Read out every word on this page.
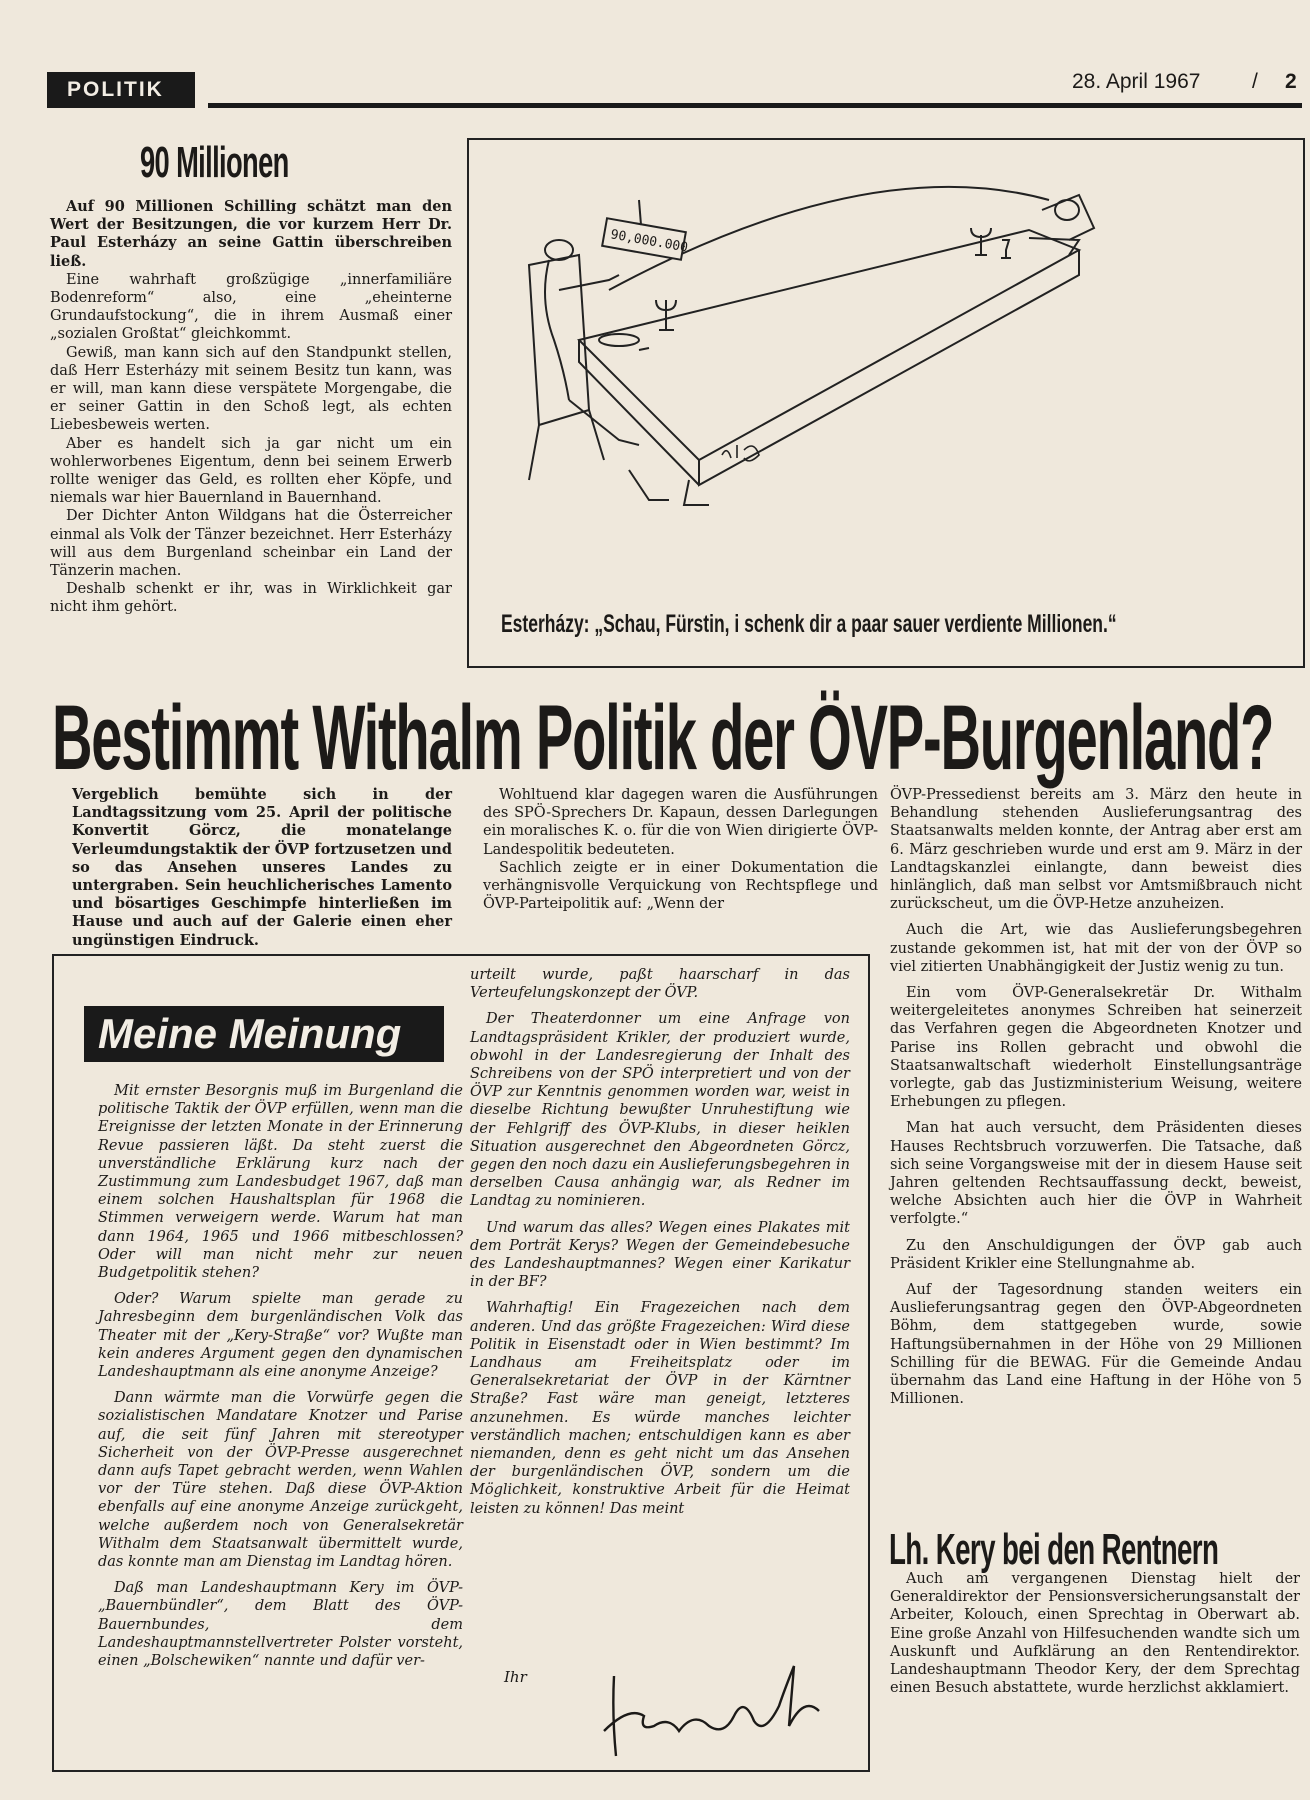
POLITIK	28. April 1967 / 2
90 Millionen

Auf 90 Millionen Schilling schätzt man den Wert der Besitzungen, die vor kurzem Herr Dr. Paul Esterházy an seine Gattin überschreiben ließ.

Eine wahrhaft großzügige „innerfamiliäre Bodenreform“ also, eine „eheinterne Grundaufstockung“, die in ihrem Ausmaß einer „sozialen Großtat“ gleichkommt.

Gewiß, man kann sich auf den Standpunkt stellen, daß Herr Esterházy mit seinem Besitz tun kann, was er will, man kann diese verspätete Morgengabe, die er seiner Gattin in den Schoß legt, als echten Liebesbeweis werten.

Aber es handelt sich ja gar nicht um ein wohlerworbenes Eigentum, denn bei seinem Erwerb rollte weniger das Geld, es rollten eher Köpfe, und niemals war hier Bauernland in Bauernhand.

Der Dichter Anton Wildgans hat die Österreicher einmal als Volk der Tänzer bezeichnet. Herr Esterházy will aus dem Burgenland scheinbar ein Land der Tänzerin machen.

Deshalb schenkt er ihr, was in Wirklichkeit gar nicht ihm gehört.

90,000.000
Esterházy: „Schau, Fürstin, i schenk dir a paar sauer verdiente Millionen.“
Bestimmt Withalm Politik der ÖVP-Burgenland?

Vergeblich bemühte sich in der Landtagssitzung vom 25. April der politische Konvertit Görcz, die monatelange Verleumdungstaktik der ÖVP fortzusetzen und so das Ansehen unseres Landes zu untergraben. Sein heuchlicherisches Lamento und bösartiges Geschimpfe hinterließen im Hause und auch auf der Galerie einen eher ungünstigen Eindruck.

Wohltuend klar dagegen waren die Ausführungen des SPÖ-Sprechers Dr. Kapaun, dessen Darlegungen ein moralisches K. o. für die von Wien dirigierte ÖVP-Landespolitik bedeuteten.

Sachlich zeigte er in einer Dokumentation die verhängnisvolle Verquickung von Rechtspflege und ÖVP-Parteipolitik auf: „Wenn der

ÖVP-Pressedienst bereits am 3. März den heute in Behandlung stehenden Auslieferungsantrag des Staatsanwalts melden konnte, der Antrag aber erst am 6. März geschrieben wurde und erst am 9. März in der Landtagskanzlei einlangte, dann beweist dies hinlänglich, daß man selbst vor Amtsmißbrauch nicht zurückscheut, um die ÖVP-Hetze anzuheizen.

Auch die Art, wie das Auslieferungsbegehren zustande gekommen ist, hat mit der von der ÖVP so viel zitierten Unabhängigkeit der Justiz wenig zu tun.

Ein vom ÖVP-Generalsekretär Dr. Withalm weitergeleitetes anonymes Schreiben hat seinerzeit das Verfahren gegen die Abgeordneten Knotzer und Parise ins Rollen gebracht und obwohl die Staatsanwaltschaft wiederholt Einstellungsanträge vorlegte, gab das Justizministerium Weisung, weitere Erhebungen zu pflegen.

Man hat auch versucht, dem Präsidenten dieses Hauses Rechtsbruch vorzuwerfen. Die Tatsache, daß sich seine Vorgangsweise mit der in diesem Hause seit Jahren geltenden Rechtsauffassung deckt, beweist, welche Absichten auch hier die ÖVP in Wahrheit verfolgte.“

Zu den Anschuldigungen der ÖVP gab auch Präsident Krikler eine Stellungnahme ab.

Auf der Tagesordnung standen weiters ein Auslieferungsantrag gegen den ÖVP-Abgeordneten Böhm, dem stattgegeben wurde, sowie Haftungsübernahmen in der Höhe von 29 Millionen Schilling für die BEWAG. Für die Gemeinde Andau übernahm das Land eine Haftung in der Höhe von 5 Millionen.

Meine Meinung

Mit ernster Besorgnis muß im Burgenland die politische Taktik der ÖVP erfüllen, wenn man die Ereignisse der letzten Monate in der Erinnerung Revue passieren läßt. Da steht zuerst die unverständliche Erklärung kurz nach der Zustimmung zum Landesbudget 1967, daß man einem solchen Haushaltsplan für 1968 die Stimmen verweigern werde. Warum hat man dann 1964, 1965 und 1966 mitbeschlossen? Oder will man nicht mehr zur neuen Budgetpolitik stehen?

Oder? Warum spielte man gerade zu Jahresbeginn dem burgenländischen Volk das Theater mit der „Kery-Straße“ vor? Wußte man kein anderes Argument gegen den dynamischen Landeshauptmann als eine anonyme Anzeige?

Dann wärmte man die Vorwürfe gegen die sozialistischen Mandatare Knotzer und Parise auf, die seit fünf Jahren mit stereotyper Sicherheit von der ÖVP-Presse ausgerechnet dann aufs Tapet gebracht werden, wenn Wahlen vor der Türe stehen. Daß diese ÖVP-Aktion ebenfalls auf eine anonyme Anzeige zurückgeht, welche außerdem noch von Generalsekretär Withalm dem Staatsanwalt übermittelt wurde, das konnte man am Dienstag im Landtag hören.

Daß man Landeshauptmann Kery im ÖVP-„Bauernbündler“, dem Blatt des ÖVP-Bauernbundes, dem Landeshauptmannstellvertreter Polster vorsteht, einen „Bolschewiken“ nannte und dafür ver-

urteilt wurde, paßt haarscharf in das Verteufelungskonzept der ÖVP.

Der Theaterdonner um eine Anfrage von Landtagspräsident Krikler, der produziert wurde, obwohl in der Landesregierung der Inhalt des Schreibens von der SPÖ interpretiert und von der ÖVP zur Kenntnis genommen worden war, weist in dieselbe Richtung bewußter Unruhestiftung wie der Fehlgriff des ÖVP-Klubs, in dieser heiklen Situation ausgerechnet den Abgeordneten Görcz, gegen den noch dazu ein Auslieferungsbegehren in derselben Causa anhängig war, als Redner im Landtag zu nominieren.

Und warum das alles? Wegen eines Plakates mit dem Porträt Kerys? Wegen der Gemeindebesuche des Landeshauptmannes? Wegen einer Karikatur in der BF?

Wahrhaftig! Ein Fragezeichen nach dem anderen. Und das größte Fragezeichen: Wird diese Politik in Eisenstadt oder in Wien bestimmt? Im Landhaus am Freiheitsplatz oder im Generalsekretariat der ÖVP in der Kärntner Straße? Fast wäre man geneigt, letzteres anzunehmen. Es würde manches leichter verständlich machen; entschuldigen kann es aber niemanden, denn es geht nicht um das Ansehen der burgenländischen ÖVP, sondern um die Möglichkeit, konstruktive Arbeit für die Heimat leisten zu können! Das meint

Ihr
Lh. Kery bei den Rentnern

Auch am vergangenen Dienstag hielt der Generaldirektor der Pensionsversicherungsanstalt der Arbeiter, Kolouch, einen Sprechtag in Oberwart ab. Eine große Anzahl von Hilfesuchenden wandte sich um Auskunft und Aufklärung an den Rentendirektor. Landeshauptmann Theodor Kery, der dem Sprechtag einen Besuch abstattete, wurde herzlichst akklamiert.
